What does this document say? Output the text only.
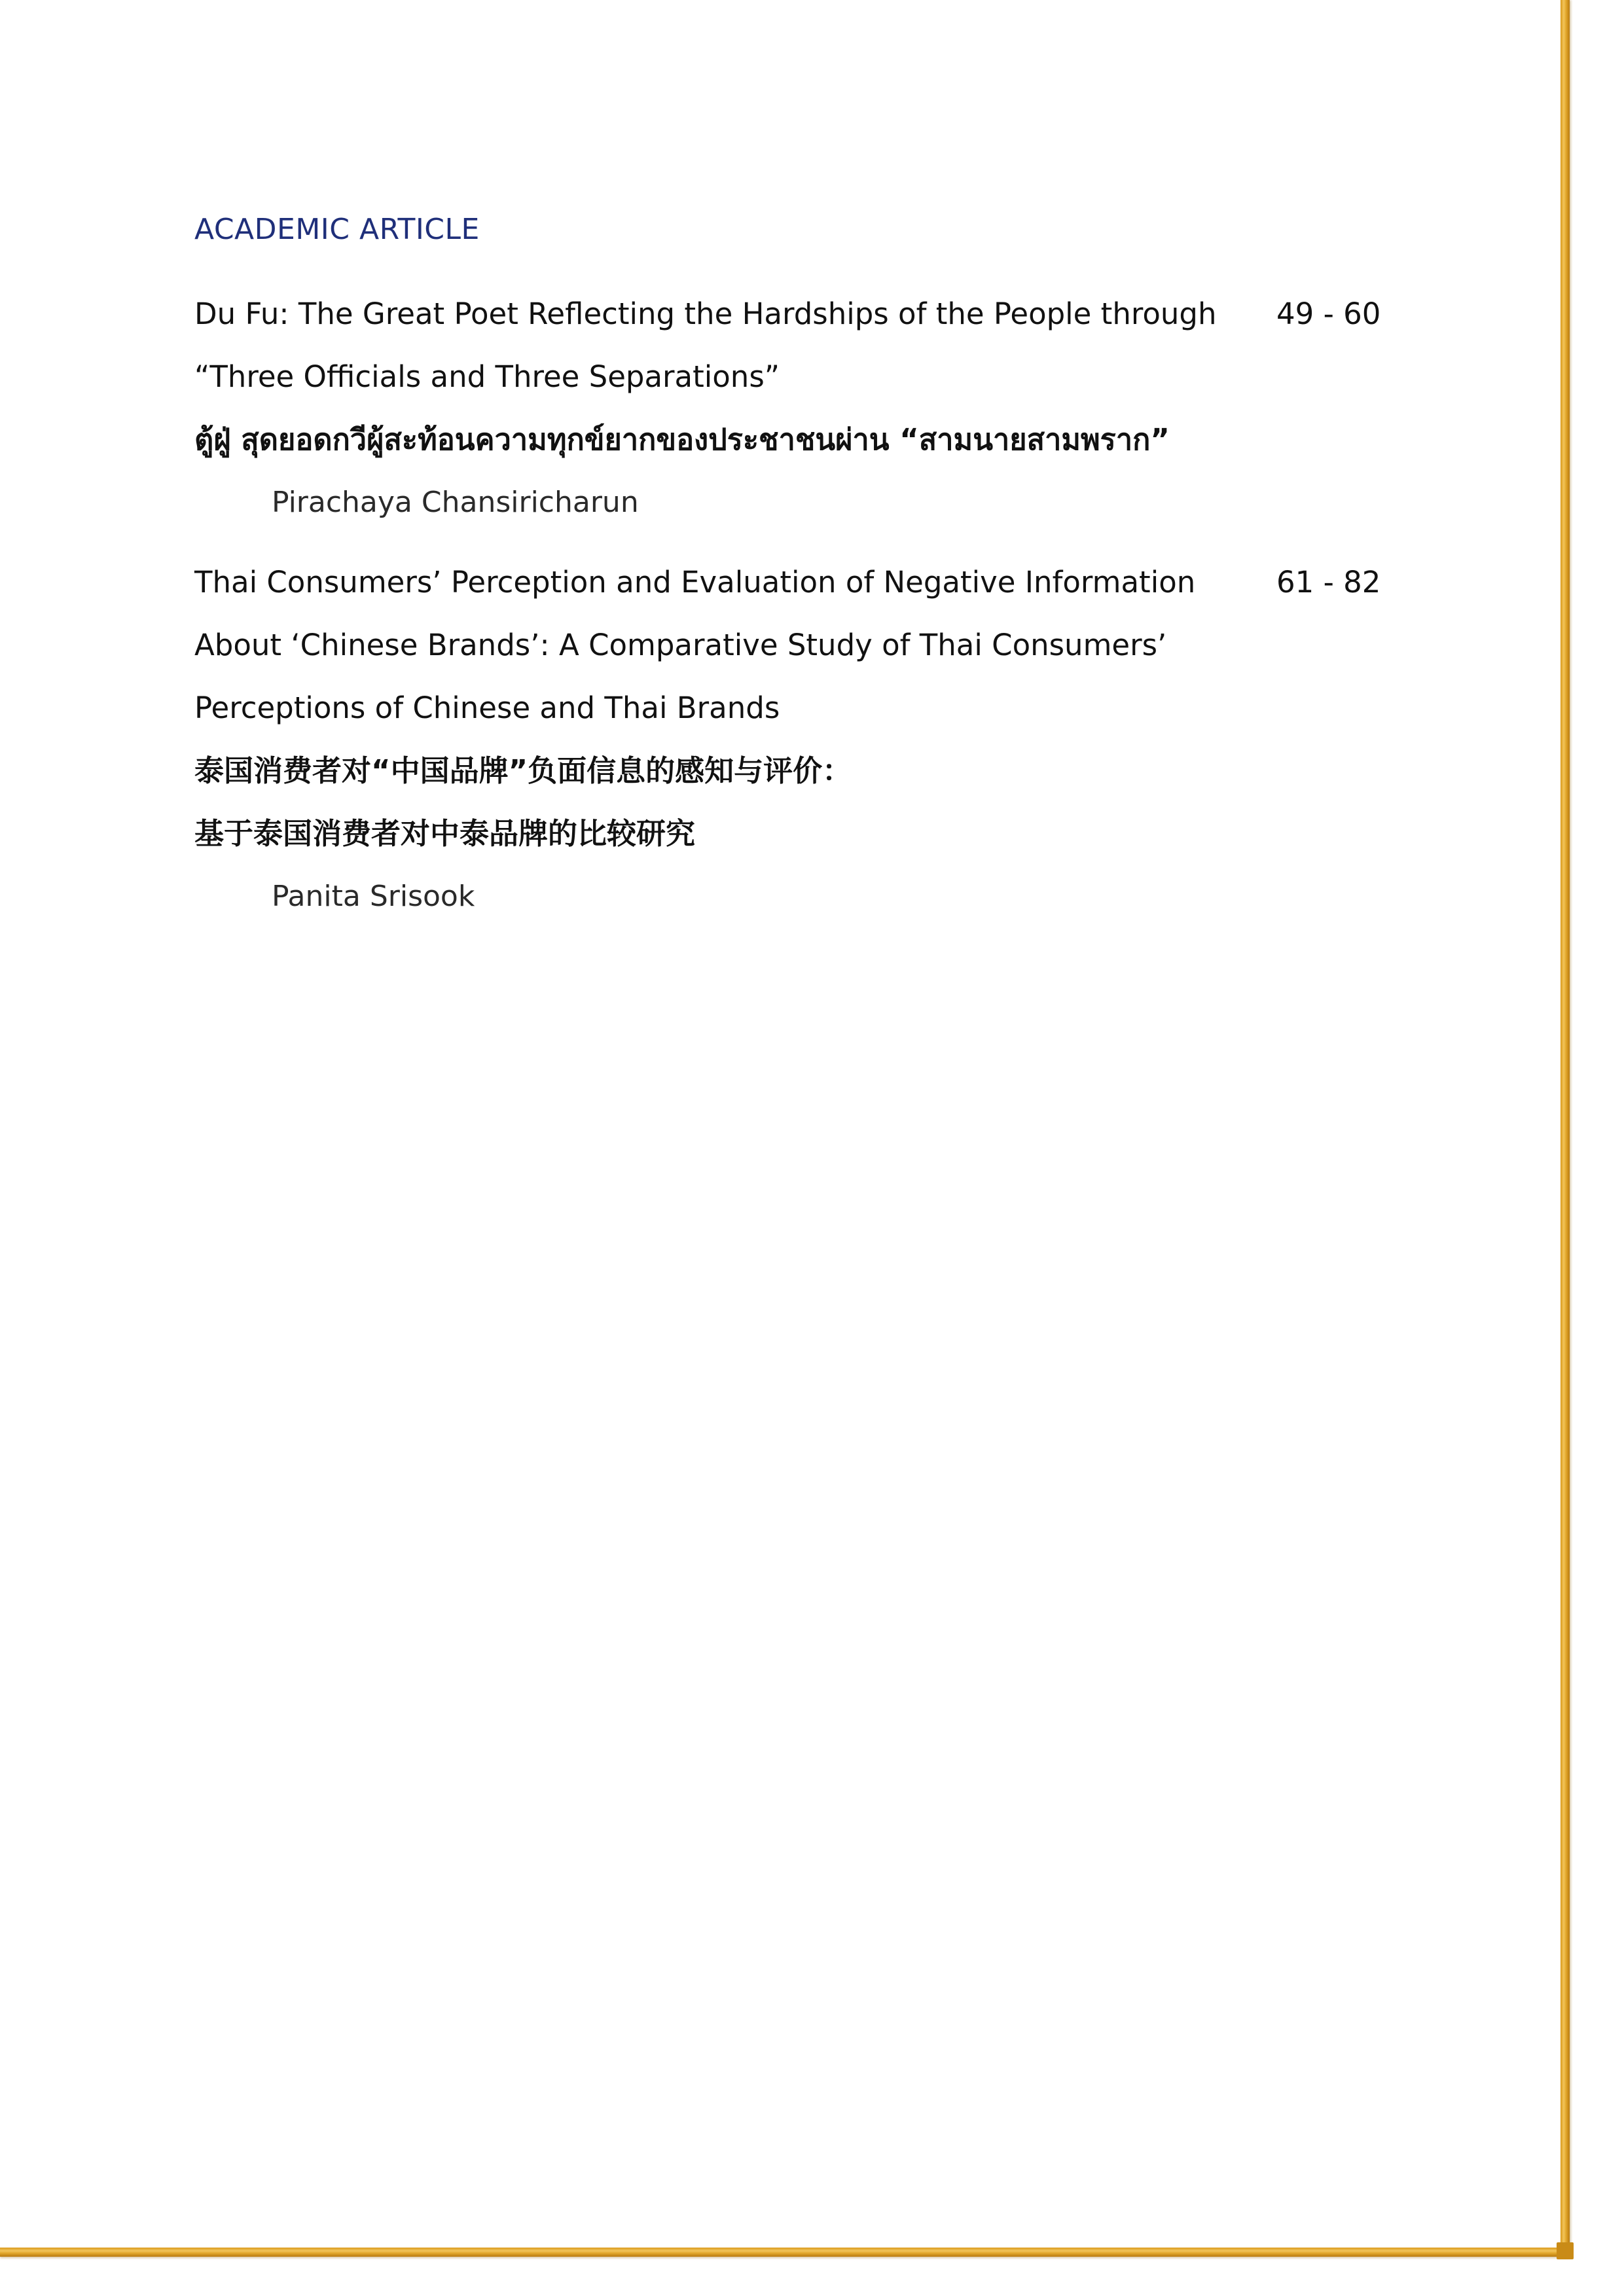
ACADEMIC ARTICLE
Du Fu: The Great Poet Reflecting the Hardships of the People through 49 - 60
“Three Officials and Three Separations”
ตู้ฝู่ สุดยอดกวีผู้สะท้อนความทุกข์ยากของประชาชนผ่าน “สามนายสามพราก”
Pirachaya Chansiricharun
Thai Consumers’ Perception and Evaluation of Negative Information	61 - 82
About ‘Chinese Brands’: A Comparative Study of Thai Consumers’
Perceptions of Chinese and Thai Brands
泰国消费者对“中国品牌”负面信息的感知与评价：
基于泰国消费者对中泰品牌的比较研究
Panita Srisook
